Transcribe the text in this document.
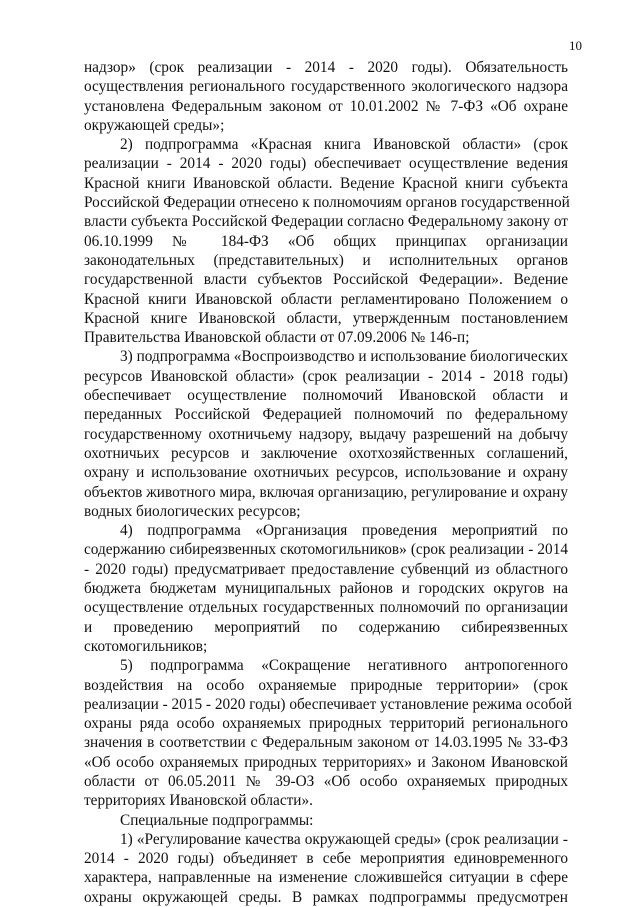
10
надзор» (срок реализации - 2014 - 2020 годы). Обязательность
осуществления регионального государственного экологического надзора
установлена Федеральным законом от 10.01.2002 № 7-ФЗ «Об охране
окружающей среды»;
2) подпрограмма «Красная книга Ивановской области» (срок
реализации - 2014 - 2020 годы) обеспечивает осуществление ведения
Красной книги Ивановской области. Ведение Красной книги субъекта
Российской Федерации отнесено к полномочиям органов государственной
власти субъекта Российской Федерации согласно Федеральному закону от
06.10.1999 № 184-ФЗ «Об общих принципах организации
законодательных (представительных) и исполнительных органов
государственной власти субъектов Российской Федерации». Ведение
Красной книги Ивановской области регламентировано Положением о
Красной книге Ивановской области, утвержденным постановлением
Правительства Ивановской области от 07.09.2006 № 146-п;
3) подпрограмма «Воспроизводство и использование биологических
ресурсов Ивановской области» (срок реализации - 2014 - 2018 годы)
обеспечивает осуществление полномочий Ивановской области и
переданных Российской Федерацией полномочий по федеральному
государственному охотничьему надзору, выдачу разрешений на добычу
охотничьих ресурсов и заключение охотхозяйственных соглашений,
охрану и использование охотничьих ресурсов, использование и охрану
объектов животного мира, включая организацию, регулирование и охрану
водных биологических ресурсов;
4) подпрограмма «Организация проведения мероприятий по
содержанию сибиреязвенных скотомогильников» (срок реализации - 2014
- 2020 годы) предусматривает предоставление субвенций из областного
бюджета бюджетам муниципальных районов и городских округов на
осуществление отдельных государственных полномочий по организации
и проведению мероприятий по содержанию сибиреязвенных
скотомогильников;
5) подпрограмма «Сокращение негативного антропогенного
воздействия на особо охраняемые природные территории» (срок
реализации - 2015 - 2020 годы) обеспечивает установление режима особой
охраны ряда особо охраняемых природных территорий регионального
значения в соответствии с Федеральным законом от 14.03.1995 № 33-ФЗ
«Об особо охраняемых природных территориях» и Законом Ивановской
области от 06.05.2011 № 39-ОЗ «Об особо охраняемых природных
территориях Ивановской области».
Специальные подпрограммы:
1) «Регулирование качества окружающей среды» (срок реализации -
2014 - 2020 годы) объединяет в себе мероприятия единовременного
характера, направленные на изменение сложившейся ситуации в сфере
охраны окружающей среды. В рамках подпрограммы предусмотрен
